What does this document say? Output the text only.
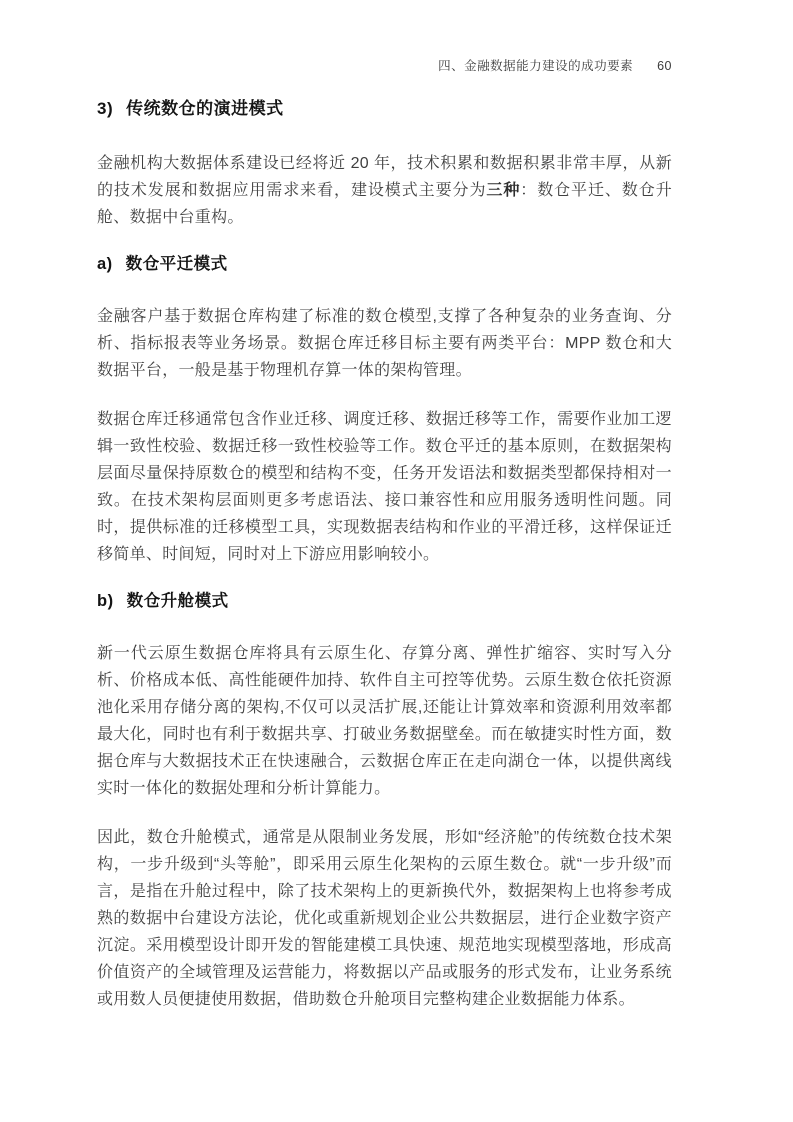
四、金融数据能力建设的成功要素 60
3) 传统数仓的演进模式

金融机构大数据体系建设已经将近 20 年，技术积累和数据积累非常丰厚，从新的技术发展和数据应用需求来看，建设模式主要分为三种：数仓平迁、数仓升舱、数据中台重构。

a) 数仓平迁模式

金融客户基于数据仓库构建了标准的数仓模型,支撑了各种复杂的业务查询、分析、指标报表等业务场景。数据仓库迁移目标主要有两类平台：MPP 数仓和大数据平台，一般是基于物理机存算一体的架构管理。

数据仓库迁移通常包含作业迁移、调度迁移、数据迁移等工作，需要作业加工逻辑一致性校验、数据迁移一致性校验等工作。数仓平迁的基本原则，在数据架构层面尽量保持原数仓的模型和结构不变，任务开发语法和数据类型都保持相对一致。在技术架构层面则更多考虑语法、接口兼容性和应用服务透明性问题。同时，提供标准的迁移模型工具，实现数据表结构和作业的平滑迁移，这样保证迁移简单、时间短，同时对上下游应用影响较小。

b) 数仓升舱模式

新一代云原生数据仓库将具有云原生化、存算分离、弹性扩缩容、实时写入分析、价格成本低、高性能硬件加持、软件自主可控等优势。云原生数仓依托资源池化采用存储分离的架构,不仅可以灵活扩展,还能让计算效率和资源利用效率都最大化，同时也有利于数据共享、打破业务数据壁垒。而在敏捷实时性方面，数据仓库与大数据技术正在快速融合，云数据仓库正在走向湖仓一体，以提供离线实时一体化的数据处理和分析计算能力。

因此，数仓升舱模式，通常是从限制业务发展，形如“经济舱”的传统数仓技术架构，一步升级到“头等舱”，即采用云原生化架构的云原生数仓。就“一步升级”而言，是指在升舱过程中，除了技术架构上的更新换代外，数据架构上也将参考成熟的数据中台建设方法论，优化或重新规划企业公共数据层，进行企业数字资产沉淀。采用模型设计即开发的智能建模工具快速、规范地实现模型落地，形成高价值资产的全域管理及运营能力，将数据以产品或服务的形式发布，让业务系统或用数人员便捷使用数据，借助数仓升舱项目完整构建企业数据能力体系。
